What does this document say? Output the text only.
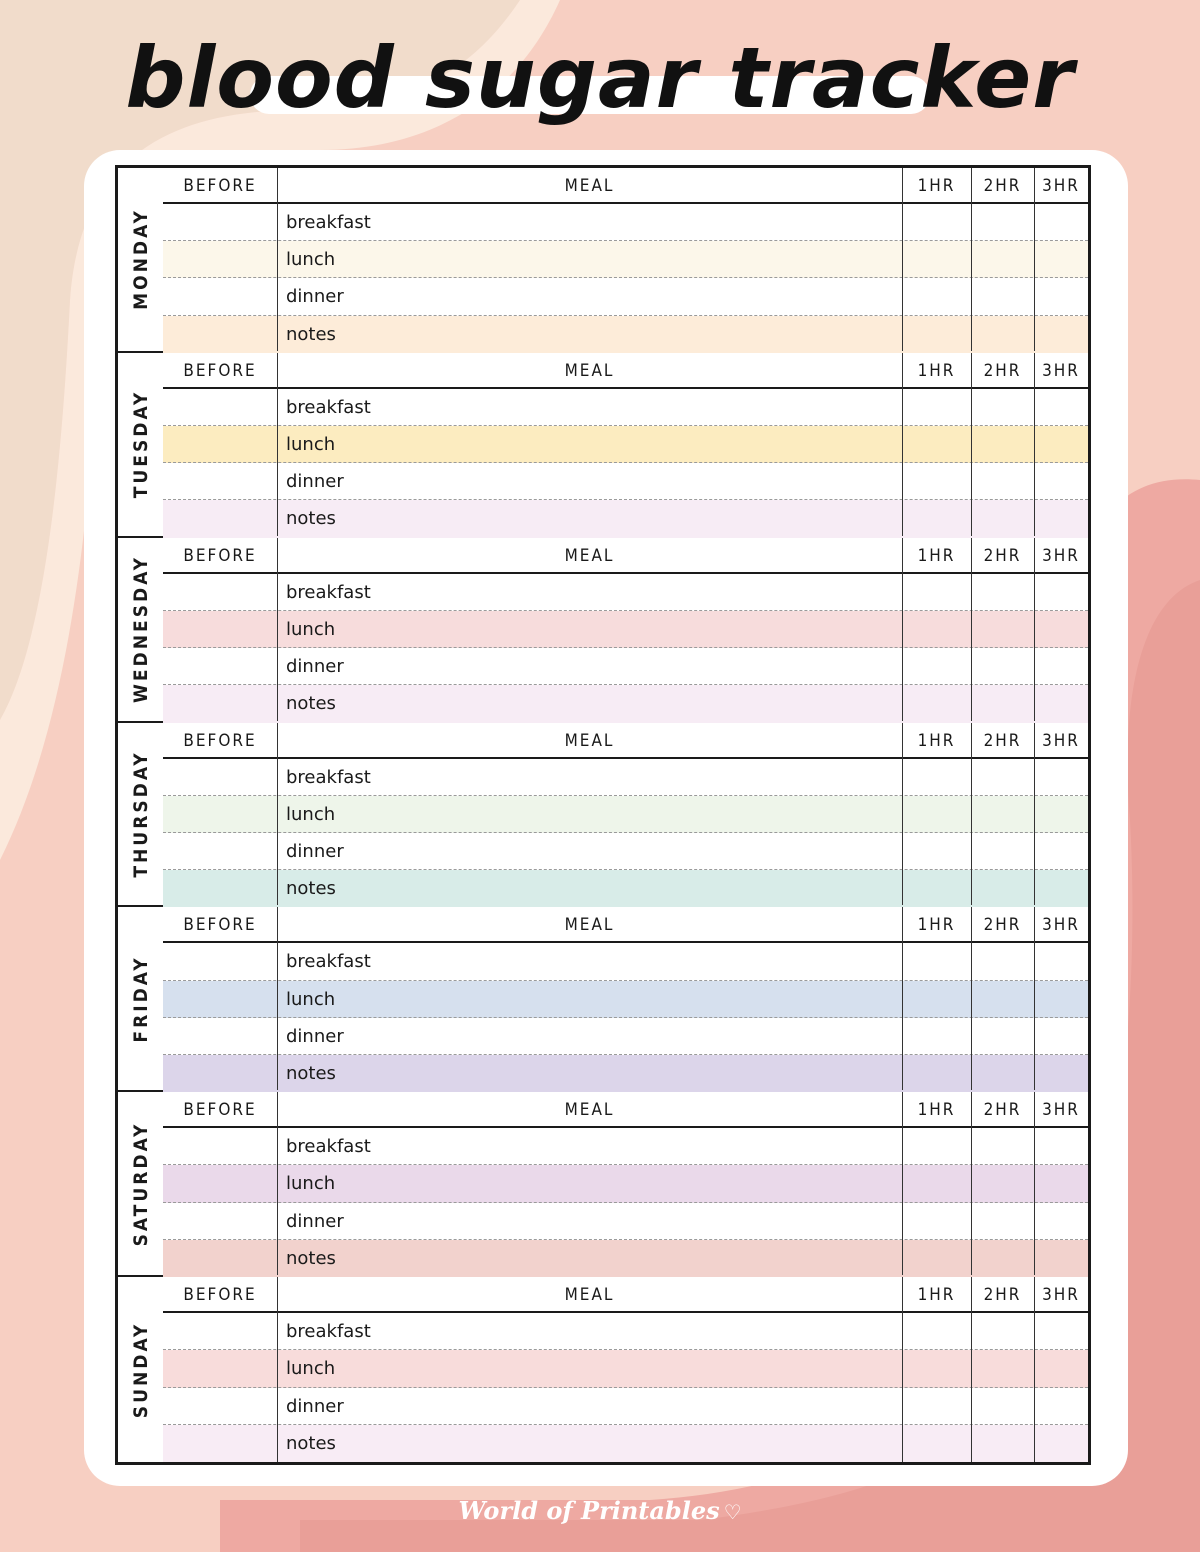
blood sugar tracker
MONDAY
BEFORE	MEAL	1HR	2HR	3HR
breakfast
lunch
dinner
notes
TUESDAY
BEFORE	MEAL	1HR	2HR	3HR
breakfast
lunch
dinner
notes
WEDNESDAY	BEFORE	MEAL	1HR	2HR	3HR
breakfast
lunch
dinner
notes
THURSDAY
BEFORE	MEAL	1HR	2HR	3HR
breakfast
lunch
dinner
notes
FRIDAY
BEFORE	MEAL	1HR	2HR	3HR
breakfast
lunch
dinner
notes
SATURDAY
BEFORE	MEAL	1HR	2HR	3HR
breakfast
lunch
dinner
notes
SUNDAY
BEFORE	MEAL	1HR	2HR	3HR
breakfast
lunch
dinner
notes
World of Printables ♡
